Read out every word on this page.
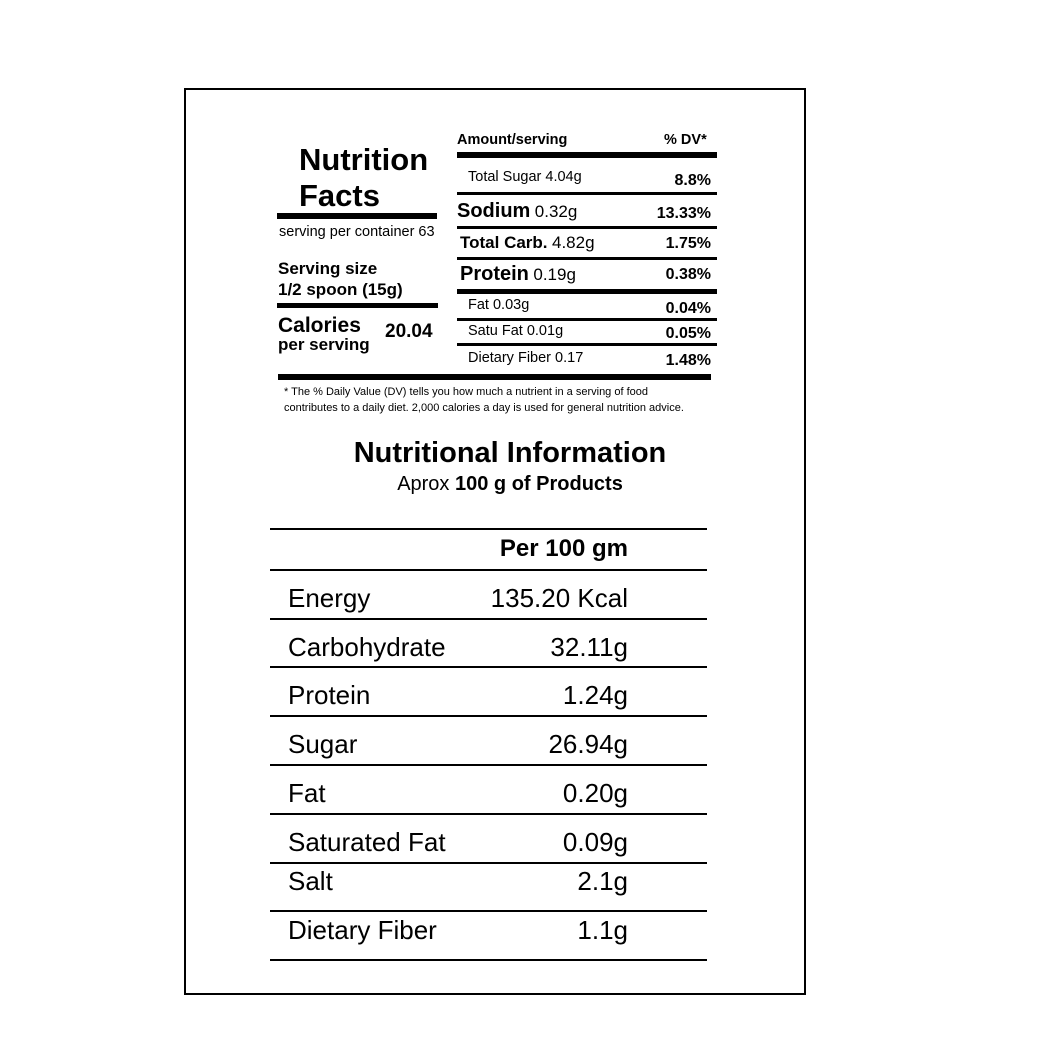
Nutrition
Facts
serving per container 63
Serving size
1/2 spoon (15g)
Calories
per serving
20.04
Amount/serving	% DV*
Total Sugar 4.04g	8.8%
Sodium 0.32g	13.33%
Total Carb. 4.82g	1.75%
Protein 0.19g	0.38%
Fat 0.03g	0.04%
Satu Fat 0.01g	0.05%
Dietary Fiber 0.17	1.48%
* The % Daily Value (DV) tells you how much a nutrient in a serving of food
contributes to a daily diet. 2,000 calories a day is used for general nutrition advice.
Nutritional Information
Aprox 100 g of Products
Per 100 gm
Energy	135.20 Kcal
Carbohydrate	32.11g
Protein	1.24g
Sugar	26.94g
Fat	0.20g
Saturated Fat	0.09g
Salt	2.1g
Dietary Fiber	1.1g
